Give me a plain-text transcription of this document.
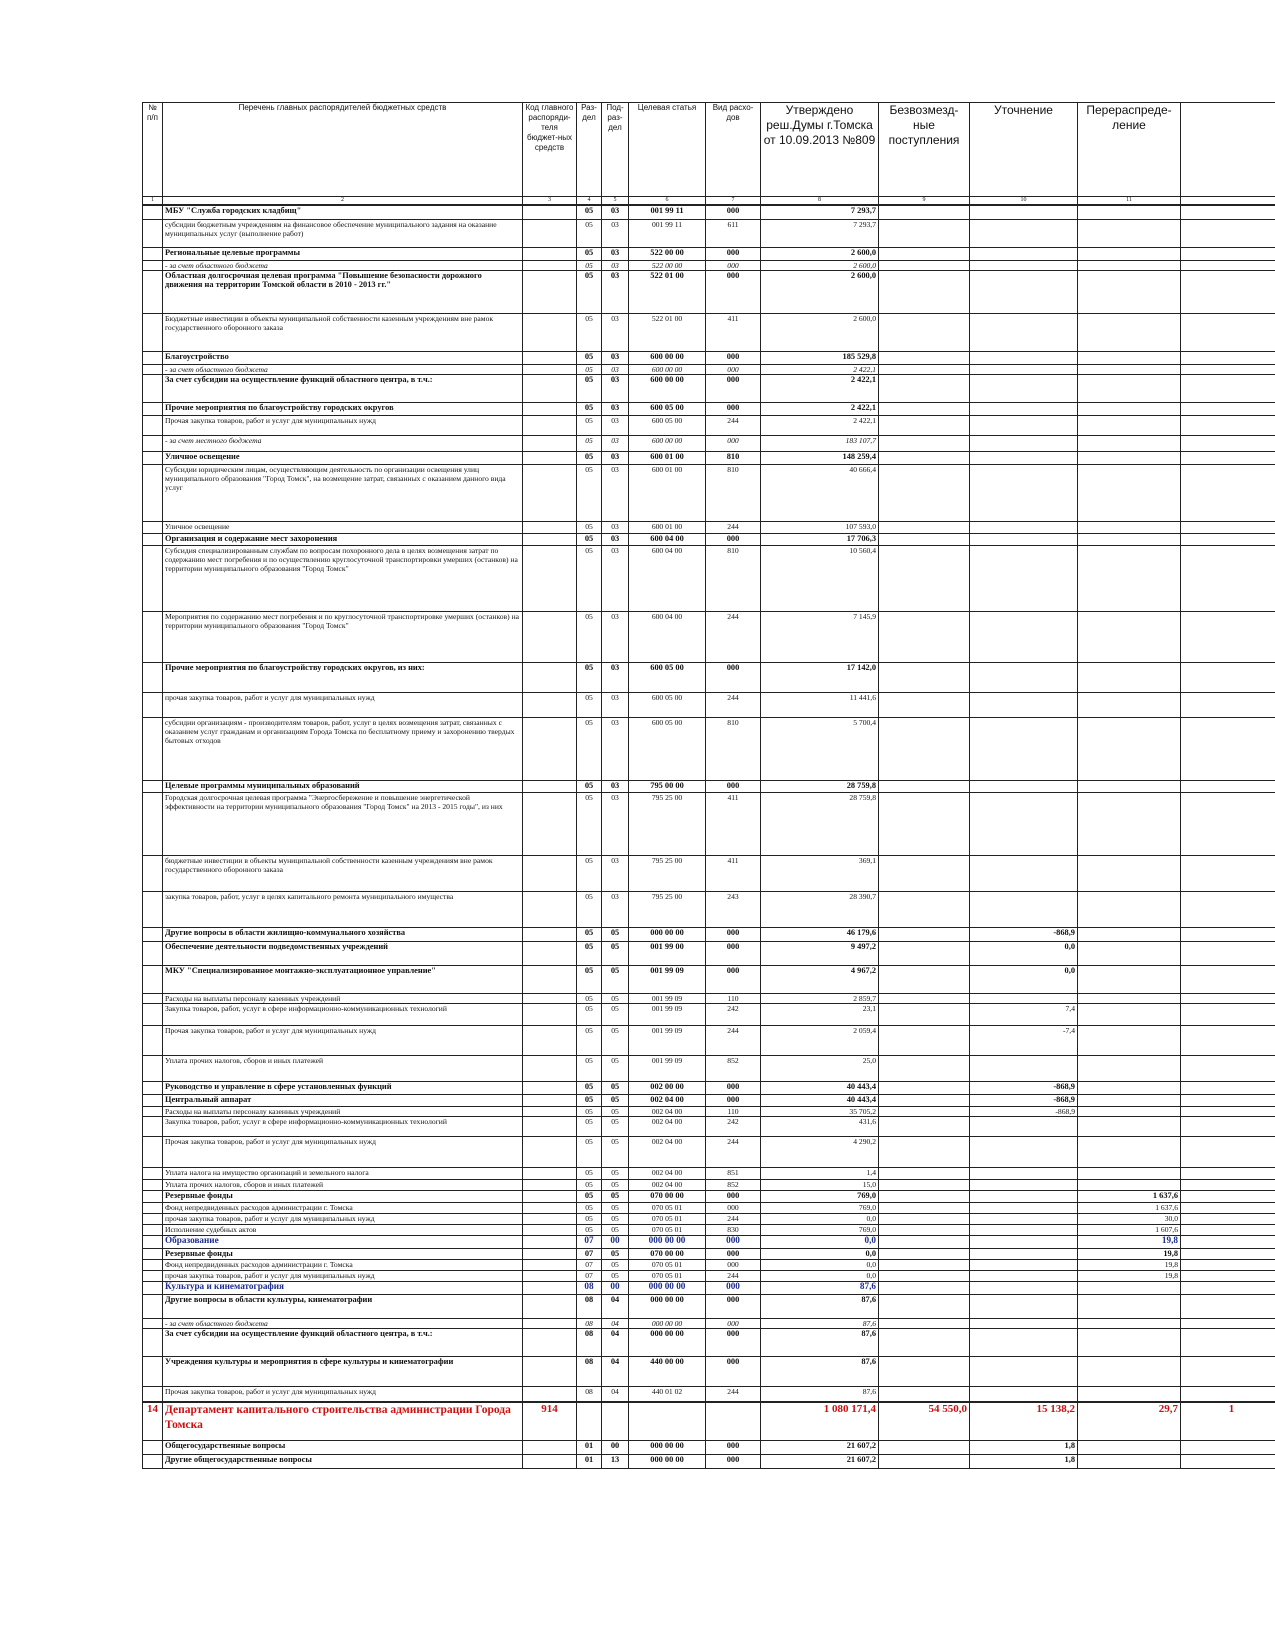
№ п/п	Перечень главных распорядителей бюджетных средств	Код главного распоряди-теля бюджет-ных средств	Раз-дел	Под-раз-дел	Целевая статья	Вид расхо-дов	Утверждено реш.Думы г.Томска от 10.09.2013 №809	Безвозмезд-ные поступления	Уточнение	Перераспреде-ление	
1	2	3	4	5	6	7	8	9	10	11	
	МБУ "Служба городских кладбищ"		05	03	001 99 11	000	7 293,7				
	субсидии бюджетным учреждениям на финансовое обеспечение муниципального задания на оказание муниципальных услуг (выполнение работ)		05	03	001 99 11	611	7 293,7				
	Региональные целевые программы		05	03	522 00 00	000	2 600,0				
	- за счет областного бюджета		05	03	522 00 00	000	2 600,0				
	Областная долгосрочная целевая программа "Повышение безопасности дорожного движения на территории Томской области в 2010 - 2013 гг."		05	03	522 01 00	000	2 600,0				
	Бюджетные инвестиции в объекты муниципальной собственности казенным учреждениям вне рамок государственного оборонного заказа		05	03	522 01 00	411	2 600,0				
	Благоустройство		05	03	600 00 00	000	185 529,8				
	- за счет областного бюджета		05	03	600 00 00	000	2 422,1				
	За счет субсидии на осуществление функций областного центра, в т.ч.:		05	03	600 00 00	000	2 422,1				
	Прочие мероприятия по благоустройству городских округов		05	03	600 05 00	000	2 422,1				
	Прочая закупка товаров, работ и услуг для муниципальных нужд		05	03	600 05 00	244	2 422,1				
	- за счет местного бюджета		05	03	600 00 00	000	183 107,7				
	Уличное освещение		05	03	600 01 00	810	148 259,4				
	Субсидии юридическим лицам, осуществляющим деятельность по организации освещения улиц муниципального образования "Город Томск", на возмещение затрат, связанных с оказанием данного вида услуг		05	03	600 01 00	810	40 666,4				
	Уличное освещение		05	03	600 01 00	244	107 593,0				
	Организация и содержание мест захоронения		05	03	600 04 00	000	17 706,3				
	Субсидия специализированным службам по вопросам похоронного дела в целях возмещения затрат по содержанию мест погребения и по осуществлению круглосуточной транспортировки умерших (останков) на территории муниципального образования "Город Томск"		05	03	600 04 00	810	10 560,4				
	Мероприятия по содержанию мест погребения и по круглосуточной транспортировке умерших (останков) на территории муниципального образования "Город Томск"		05	03	600 04 00	244	7 145,9				
	Прочие мероприятия по благоустройству городских округов, из них:		05	03	600 05 00	000	17 142,0				
	прочая закупка товаров, работ и услуг для муниципальных нужд		05	03	600 05 00	244	11 441,6				
	субсидии организациям - производителям товаров, работ, услуг в целях возмещения затрат, связанных с оказанием услуг гражданам и организациям Города Томска по бесплатному приему и захоронению твердых бытовых отходов		05	03	600 05 00	810	5 700,4				
	Целевые программы муниципальных образований		05	03	795 00 00	000	28 759,8				
	Городская долгосрочная целевая программа "Энергосбережение и повышение энергетической эффективности на территории муниципального образования "Город Томск" на 2013 - 2015 годы", из них		05	03	795 25 00	411	28 759,8				
	бюджетные инвестиции в объекты муниципальной собственности казенным учреждениям вне рамок государственного оборонного заказа		05	03	795 25 00	411	369,1				
	закупка товаров, работ, услуг в целях капитального ремонта муниципального имущества		05	03	795 25 00	243	28 390,7				
	Другие вопросы в области жилищно-коммунального хозяйства		05	05	000 00 00	000	46 179,6		-868,9		
	Обеспечение деятельности подведомственных учреждений		05	05	001 99 00	000	9 497,2		0,0		
	МКУ "Специализированное монтажно-эксплуатационное управление"		05	05	001 99 09	000	4 967,2		0,0		
	Расходы на выплаты персоналу казенных учреждений		05	05	001 99 09	110	2 859,7				
	Закупка товаров, работ, услуг в сфере информационно-коммуникационных технологий		05	05	001 99 09	242	23,1		7,4		
	Прочая закупка товаров, работ и услуг для муниципальных нужд		05	05	001 99 09	244	2 059,4		-7,4		
	Уплата прочих налогов, сборов и иных платежей		05	05	001 99 09	852	25,0				
	Руководство и управление в сфере установленных функций		05	05	002 00 00	000	40 443,4		-868,9		
	Центральный аппарат		05	05	002 04 00	000	40 443,4		-868,9		
	Расходы на выплаты персоналу казенных учреждений		05	05	002 04 00	110	35 705,2		-868,9		
	Закупка товаров, работ, услуг в сфере информационно-коммуникационных технологий		05	05	002 04 00	242	431,6				
	Прочая закупка товаров, работ и услуг для муниципальных нужд		05	05	002 04 00	244	4 290,2				
	Уплата налога на имущество организаций и земельного налога		05	05	002 04 00	851	1,4				
	Уплата прочих налогов, сборов и иных платежей		05	05	002 04 00	852	15,0				
	Резервные фонды		05	05	070 00 00	000	769,0			1 637,6	
	Фонд непредвиденных расходов администрации г. Томска		05	05	070 05 01	000	769,0			1 637,6	
	прочая закупка товаров, работ и услуг для муниципальных нужд		05	05	070 05 01	244	0,0			30,0	
	Исполнение судебных актов		05	05	070 05 01	830	769,0			1 607,6	
	Образование		07	00	000 00 00	000	0,0			19,8	
	Резервные фонды		07	05	070 00 00	000	0,0			19,8	
	Фонд непредвиденных расходов администрации г. Томска		07	05	070 05 01	000	0,0			19,8	
	прочая закупка товаров, работ и услуг для муниципальных нужд		07	05	070 05 01	244	0,0			19,8	
	Культура и кинематография		08	00	000 00 00	000	87,6				
	Другие вопросы в области культуры, кинематографии		08	04	000 00 00	000	87,6				
	- за счет областного бюджета		08	04	000 00 00	000	87,6				
	За счет субсидии на осуществление функций областного центра, в т.ч.:		08	04	000 00 00	000	87,6				
	Учреждения культуры и мероприятия в сфере культуры и кинематографии		08	04	440 00 00	000	87,6				
	Прочая закупка товаров, работ и услуг для муниципальных нужд		08	04	440 01 02	244	87,6				
14	Департамент капитального строительства администрации Города Томска	914					1 080 171,4	54 550,0	15 138,2	29,7	1
	Общегосударственные вопросы		01	00	000 00 00	000	21 607,2		1,8		
	Другие общегосударственные вопросы		01	13	000 00 00	000	21 607,2		1,8		
